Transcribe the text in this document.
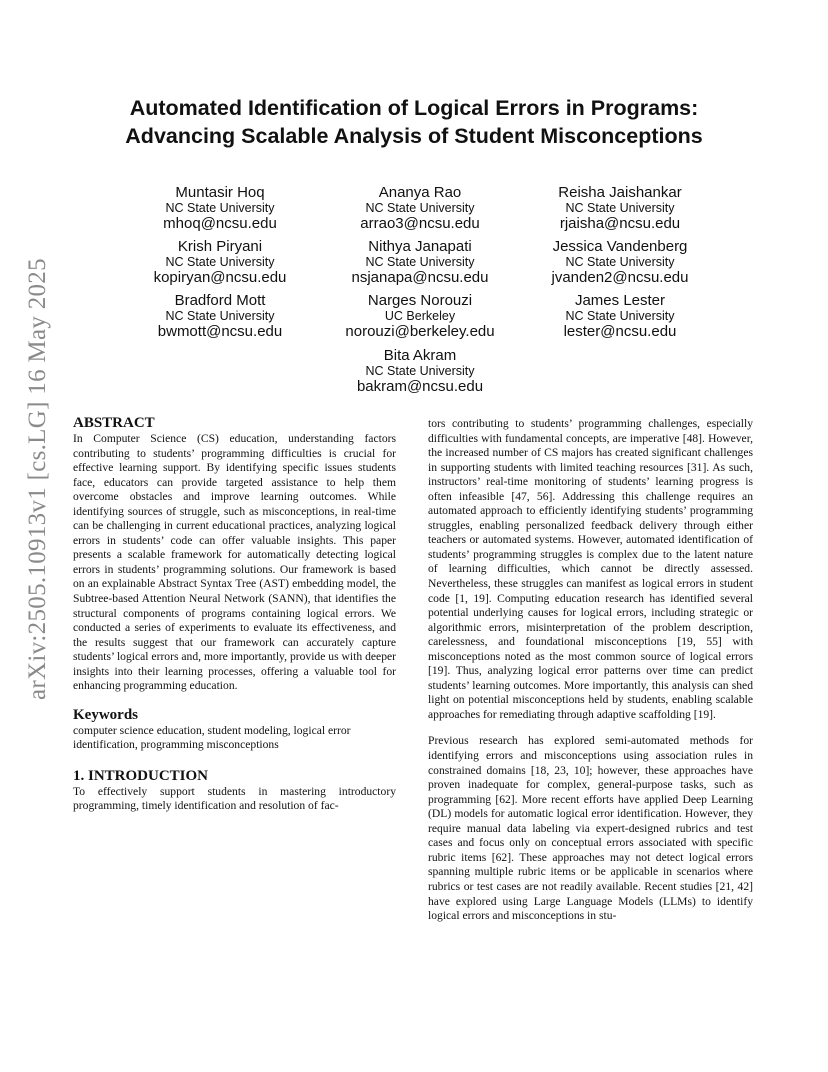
arXiv:2505.10913v1 [cs.LG] 16 May 2025
Automated Identification of Logical Errors in Programs:
Advancing Scalable Analysis of Student Misconceptions
Muntasir Hoq
NC State University
mhoq@ncsu.edu
Ananya Rao
NC State University
arrao3@ncsu.edu
Reisha Jaishankar
NC State University
rjaisha@ncsu.edu
Krish Piryani
NC State University
kopiryan@ncsu.edu
Nithya Janapati
NC State University
nsjanapa@ncsu.edu
Jessica Vandenberg
NC State University
jvanden2@ncsu.edu
Bradford Mott
NC State University
bwmott@ncsu.edu
Narges Norouzi
UC Berkeley
norouzi@berkeley.edu
James Lester
NC State University
lester@ncsu.edu
Bita Akram
NC State University
bakram@ncsu.edu
ABSTRACT

In Computer Science (CS) education, understanding factors contributing to students’ programming difficulties is crucial for effective learning support. By identifying specific issues students face, educators can provide targeted assistance to help them overcome obstacles and improve learning outcomes. While identifying sources of struggle, such as misconceptions, in real-time can be challenging in current educational practices, analyzing logical errors in students’ code can offer valuable insights. This paper presents a scalable framework for automatically detecting logical errors in students’ programming solutions. Our framework is based on an explainable Abstract Syntax Tree (AST) embedding model, the Subtree-based Attention Neural Network (SANN), that identifies the structural components of programs containing logical errors. We conducted a series of experiments to evaluate its effectiveness, and the results suggest that our framework can accurately capture students’ logical errors and, more importantly, provide us with deeper insights into their learning processes, offering a valuable tool for enhancing programming education.

Keywords

computer science education, student modeling, logical error identification, programming misconceptions

1. INTRODUCTION

To effectively support students in mastering introductory programming, timely identification and resolution of fac-

tors contributing to students’ programming challenges, especially difficulties with fundamental concepts, are imperative [48]. However, the increased number of CS majors has created significant challenges in supporting students with limited teaching resources [31]. As such, instructors’ real-time monitoring of students’ learning progress is often infeasible [47, 56]. Addressing this challenge requires an automated approach to efficiently identifying students’ programming struggles, enabling personalized feedback delivery through either teachers or automated systems. However, automated identification of students’ programming struggles is complex due to the latent nature of learning difficulties, which cannot be directly assessed. Nevertheless, these struggles can manifest as logical errors in student code [1, 19]. Computing education research has identified several potential underlying causes for logical errors, including strategic or algorithmic errors, misinterpretation of the problem description, carelessness, and foundational misconceptions [19, 55] with misconceptions noted as the most common source of logical errors [19]. Thus, analyzing logical error patterns over time can predict students’ learning outcomes. More importantly, this analysis can shed light on potential misconceptions held by students, enabling scalable approaches for remediating through adaptive scaffolding [19].

Previous research has explored semi-automated methods for identifying errors and misconceptions using association rules in constrained domains [18, 23, 10]; however, these approaches have proven inadequate for complex, general-purpose tasks, such as programming [62]. More recent efforts have applied Deep Learning (DL) models for automatic logical error identification. However, they require manual data labeling via expert-designed rubrics and test cases and focus only on conceptual errors associated with specific rubric items [62]. These approaches may not detect logical errors spanning multiple rubric items or be applicable in scenarios where rubrics or test cases are not readily available. Recent studies [21, 42] have explored using Large Language Models (LLMs) to identify logical errors and misconceptions in stu-
